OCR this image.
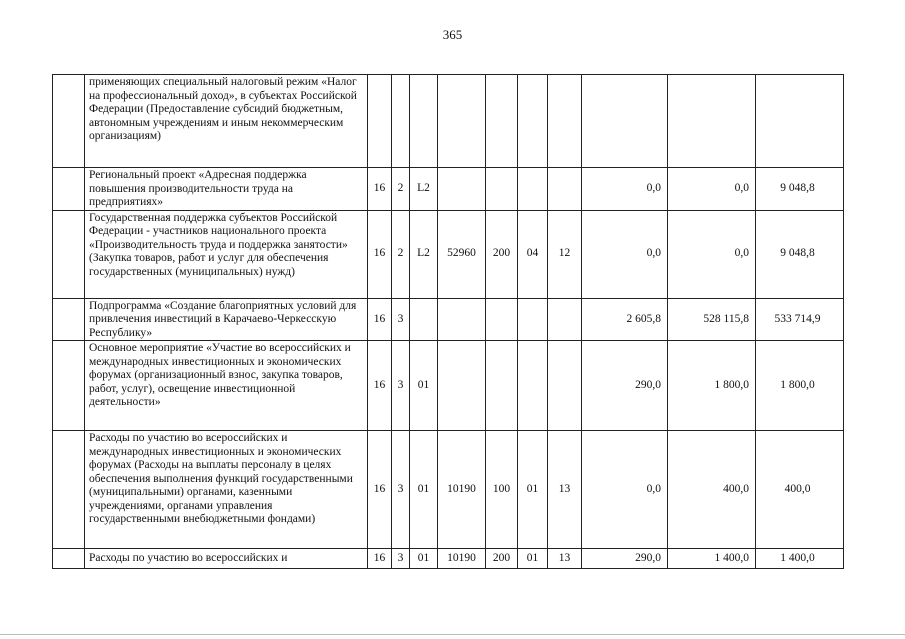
365
	применяющих специальный налоговый режим «Налог на профессиональный доход», в субъектах Российской Федерации (Предоставление субсидий бюджетным, автономным учреждениям и иным некоммерческим организациям)										
	Региональный проект «Адресная поддержка повышения производительности труда на предприятиях»	16	2	L2					0,0	0,0	9 048,8
	Государственная поддержка субъектов Российской Федерации - участников национального проекта «Производительность труда и поддержка занятости» (Закупка товаров, работ и услуг для обеспечения государственных (муниципальных) нужд)	16	2	L2	52960	200	04	12	0,0	0,0	9 048,8
	Подпрограмма «Создание благоприятных условий для привлечения инвестиций в Карачаево-Черкесскую Республику»	16	3						2 605,8	528 115,8	533 714,9
	Основное мероприятие «Участие во всероссийских и международных инвестиционных и экономических форумах (организационный взнос, закупка товаров, работ, услуг), освещение инвестиционной деятельности»	16	3	01					290,0	1 800,0	1 800,0
	Расходы по участию во всероссийских и международных инвестиционных и экономических форумах (Расходы на выплаты персоналу в целях обеспечения выполнения функций государственными (муниципальными) органами, казенными учреждениями, органами управления государственными внебюджетными фондами)	16	3	01	10190	100	01	13	0,0	400,0	400,0
	Расходы по участию во всероссийских и	16	3	01	10190	200	01	13	290,0	1 400,0	1 400,0
